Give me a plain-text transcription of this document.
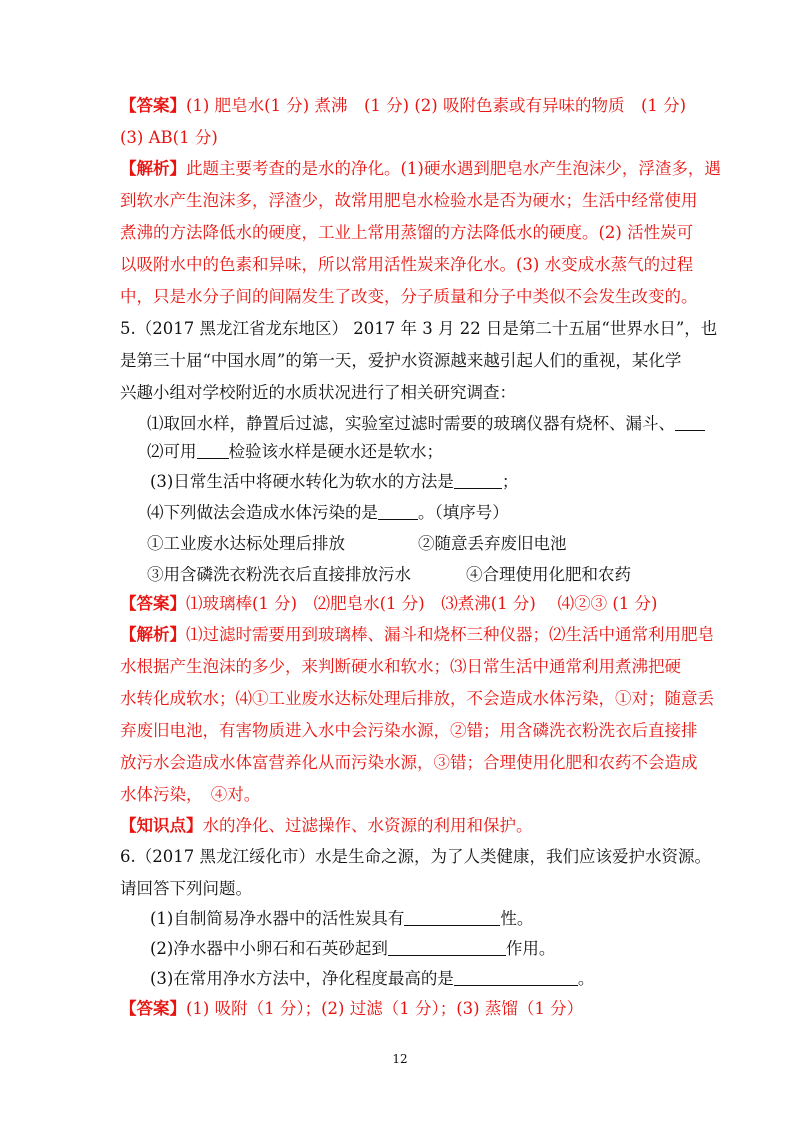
【答案】(1) 肥皂水(1 分) 煮沸　(1 分) (2) 吸附色素或有异味的物质　(1 分)
(3) AB(1 分)
【解析】此题主要考查的是水的净化。(1)硬水遇到肥皂水产生泡沫少，浮渣多，遇
到软水产生泡沫多，浮渣少，故常用肥皂水检验水是否为硬水；生活中经常使用
煮沸的方法降低水的硬度，工业上常用蒸馏的方法降低水的硬度。(2) 活性炭可
以吸附水中的色素和异味，所以常用活性炭来净化水。(3) 水变成水蒸气的过程
中，只是水分子间的间隔发生了改变，分子质量和分子中类似不会发生改变的。
5.（2017 黑龙江省龙东地区） 2017 年 3 月 22 日是第二十五届“世界水日”，也
是第三十届“中国水周”的第一天，爱护水资源越来越引起人们的重视，某化学
兴趣小组对学校附近的水质状况进行了相关研究调查：
⑴取回水样，静置后过滤，实验室过滤时需要的玻璃仪器有烧杯、漏斗、
⑵可用 检验该水样是硬水还是软水；
(3)日常生活中将硬水转化为软水的方法是	；
⑷下列做法会造成水体污染的是 。（填序号）
①工业废水达标处理后排放	②随意丢弃废旧电池
③用含磷洗衣粉洗衣后直接排放污水	④合理使用化肥和农药
【答案】⑴玻璃棒(1 分)　⑵肥皂水(1 分)　⑶煮沸(1 分)　 ⑷②③ (1 分)
【解析】⑴过滤时需要用到玻璃棒、漏斗和烧杯三种仪器；⑵生活中通常利用肥皂
水根据产生泡沫的多少，来判断硬水和软水；⑶日常生活中通常利用煮沸把硬
水转化成软水；⑷①工业废水达标处理后排放，不会造成水体污染，①对；随意丢
弃废旧电池，有害物质进入水中会污染水源，②错；用含磷洗衣粉洗衣后直接排
放污水会造成水体富营养化从而污染水源，③错；合理使用化肥和农药不会造成
水体污染，　④对。
【知识点】水的净化、过滤操作、水资源的利用和保护。
6.（2017 黑龙江绥化市）水是生命之源，为了人类健康，我们应该爱护水资源。
请回答下列问题。
(1)自制简易净水器中的活性炭具有	性。
(2)净水器中小卵石和石英砂起到	作用。
(3)在常用净水方法中，净化程度最高的是	。
【答案】(1) 吸附（1 分）；(2) 过滤（1 分）；(3) 蒸馏（1 分）
12
